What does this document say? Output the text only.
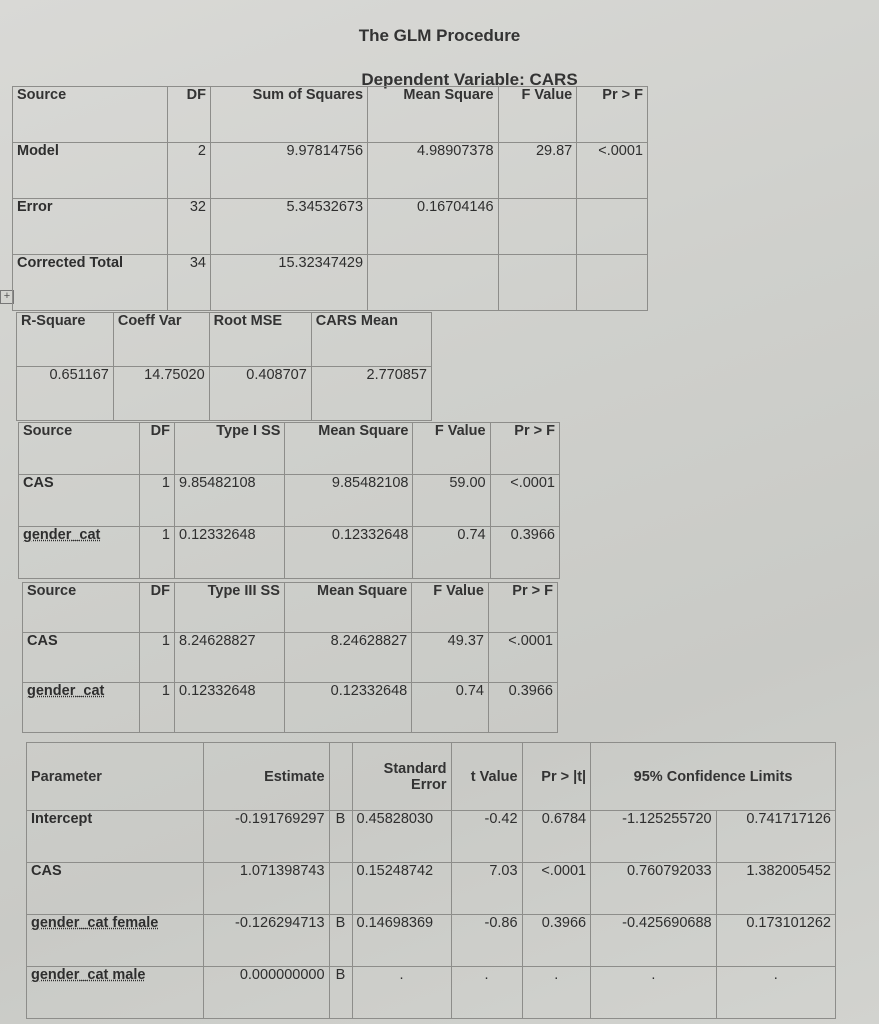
The GLM Procedure
Dependent Variable: CARS
+
Source	DF	Sum of Squares	Mean Square	F Value	Pr > F
Model	2	9.97814756	4.98907378	29.87	<.0001
Error	32	5.34532673	0.16704146		
Corrected Total	34	15.32347429			
R-Square	Coeff Var	Root MSE	CARS Mean
0.651167	14.75020	0.408707	2.770857
Source	DF	Type I SS	Mean Square	F Value	Pr > F
CAS	1	9.85482108	9.85482108	59.00	<.0001
gender_cat	1	0.12332648	0.12332648	0.74	0.3966
Source	DF	Type III SS	Mean Square	F Value	Pr > F
CAS	1	8.24628827	8.24628827	49.37	<.0001
gender_cat	1	0.12332648	0.12332648	0.74	0.3966
Parameter	Estimate		Standard Error	t Value	Pr > |t|	95% Confidence Limits	
Intercept	-0.191769297	B	0.45828030	-0.42	0.6784	-1.125255720	0.741717126
CAS	1.071398743		0.15248742	7.03	<.0001	0.760792033	1.382005452
gender_cat female	-0.126294713	B	0.14698369	-0.86	0.3966	-0.425690688	0.173101262
gender_cat male	0.000000000	B	.	.	.	.	.
